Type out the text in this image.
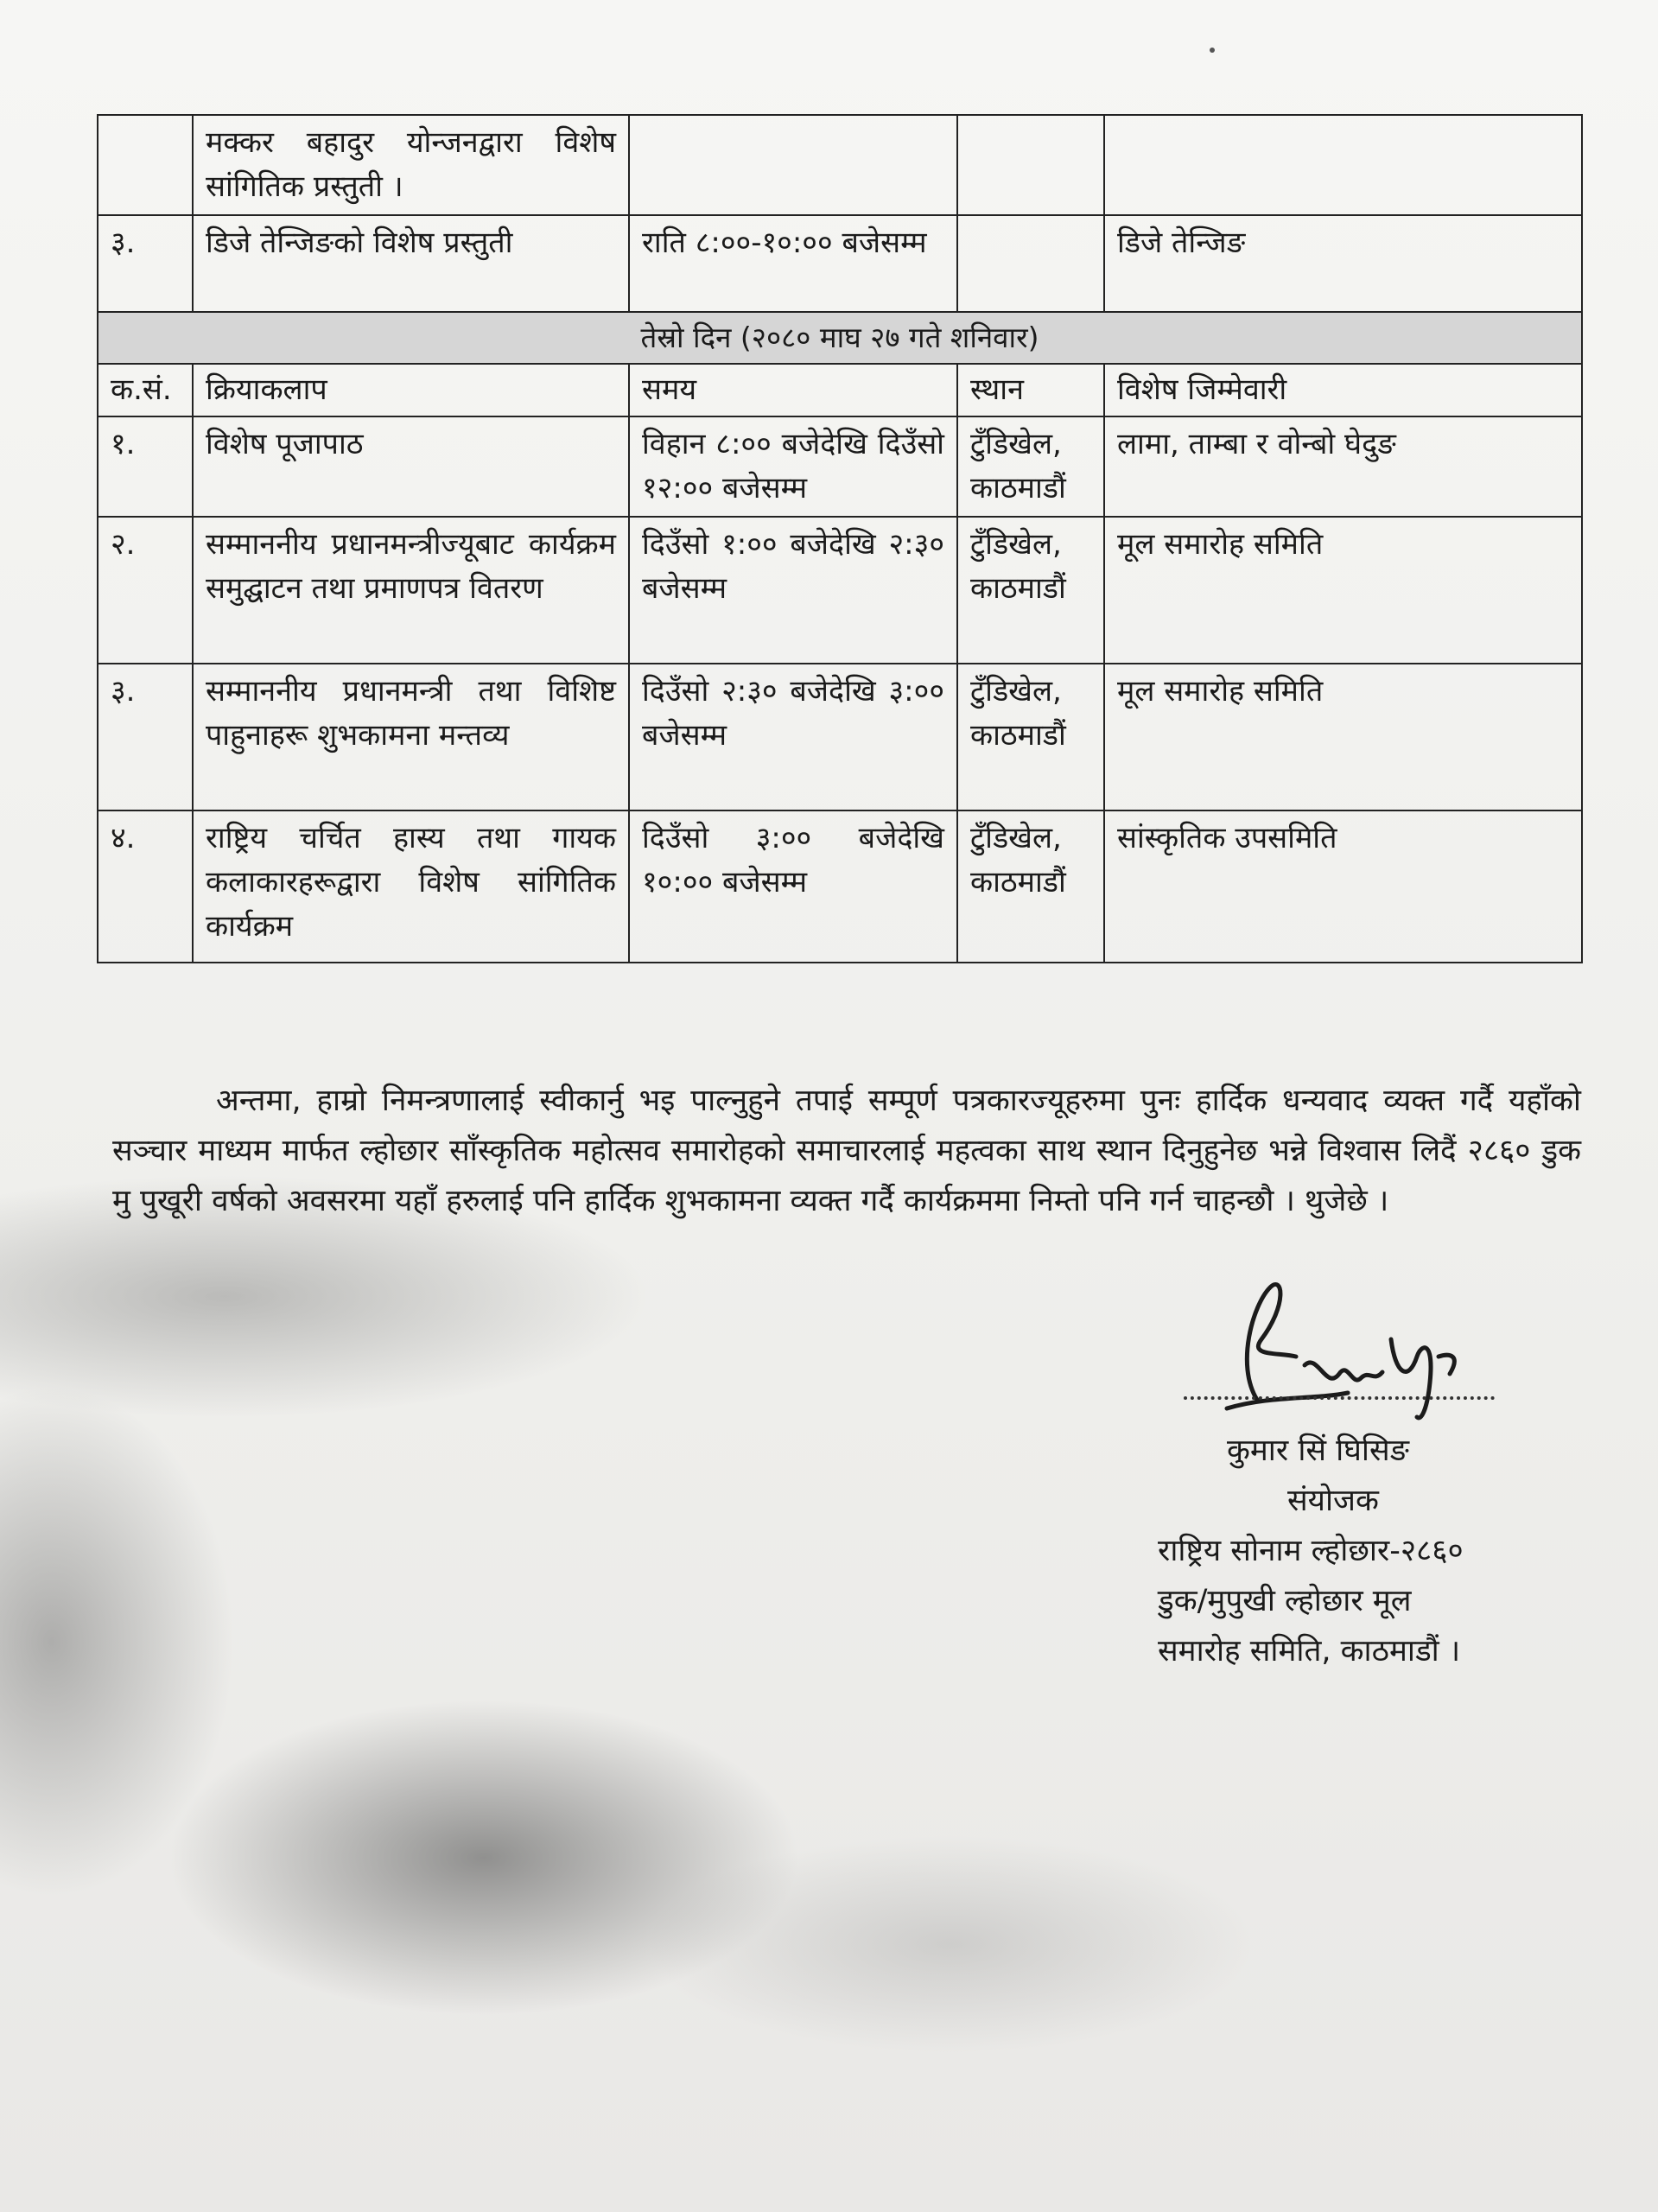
	मक्कर बहादुर योन्जनद्वारा विशेष सांगितिक प्रस्तुती ।			
३.	डिजे तेन्जिङको विशेष प्रस्तुती	राति ८:००-१०:०० बजेसम्म		डिजे तेन्जिङ
तेस्रो दिन (२०८० माघ २७ गते शनिवार)				
क.सं.	क्रियाकलाप	समय	स्थान	विशेष जिम्मेवारी
१.	विशेष पूजापाठ	विहान ८:०० बजेदेखि दिउँसो १२:०० बजेसम्म	टुँडिखेल, काठमाडौं	लामा, ताम्बा र वोन्बो घेदुङ
२.	सम्माननीय प्रधानमन्त्रीज्यूबाट कार्यक्रम समुद्घाटन तथा प्रमाणपत्र वितरण	दिउँसो १:०० बजेदेखि २:३० बजेसम्म	टुँडिखेल, काठमाडौं	मूल समारोह समिति
३.	सम्माननीय प्रधानमन्त्री तथा विशिष्ट पाहुनाहरू शुभकामना मन्तव्य	दिउँसो २:३० बजेदेखि ३:०० बजेसम्म	टुँडिखेल, काठमाडौं	मूल समारोह समिति
४.	राष्ट्रिय चर्चित हास्य तथा गायक कलाकारहरूद्वारा विशेष सांगितिक कार्यक्रम	दिउँसो ३:०० बजेदेखि १०:०० बजेसम्म	टुँडिखेल, काठमाडौं	सांस्कृतिक उपसमिति

अन्तमा, हाम्रो निमन्त्रणालाई स्वीकार्नु भइ पाल्नुहुने तपाई सम्पूर्ण पत्रकारज्यूहरुमा पुनः हार्दिक धन्यवाद व्यक्त गर्दै यहाँको सञ्चार माध्यम मार्फत ल्होछार साँस्कृतिक महोत्सव समारोहको समाचारलाई महत्वका साथ स्थान दिनुहुनेछ भन्ने विश्वास लिदैं २८६० डुक मु पुखूरी वर्षको अवसरमा यहाँ हरुलाई पनि हार्दिक शुभकामना व्यक्त गर्दै कार्यक्रममा निम्तो पनि गर्न चाहन्छौ । थुजेछे ।

कुमार सिं घिसिङ
संयोजक
राष्ट्रिय सोनाम ल्होछार-२८६०
डुक/मुपुखी ल्होछार मूल
समारोह समिति, काठमाडौं ।
